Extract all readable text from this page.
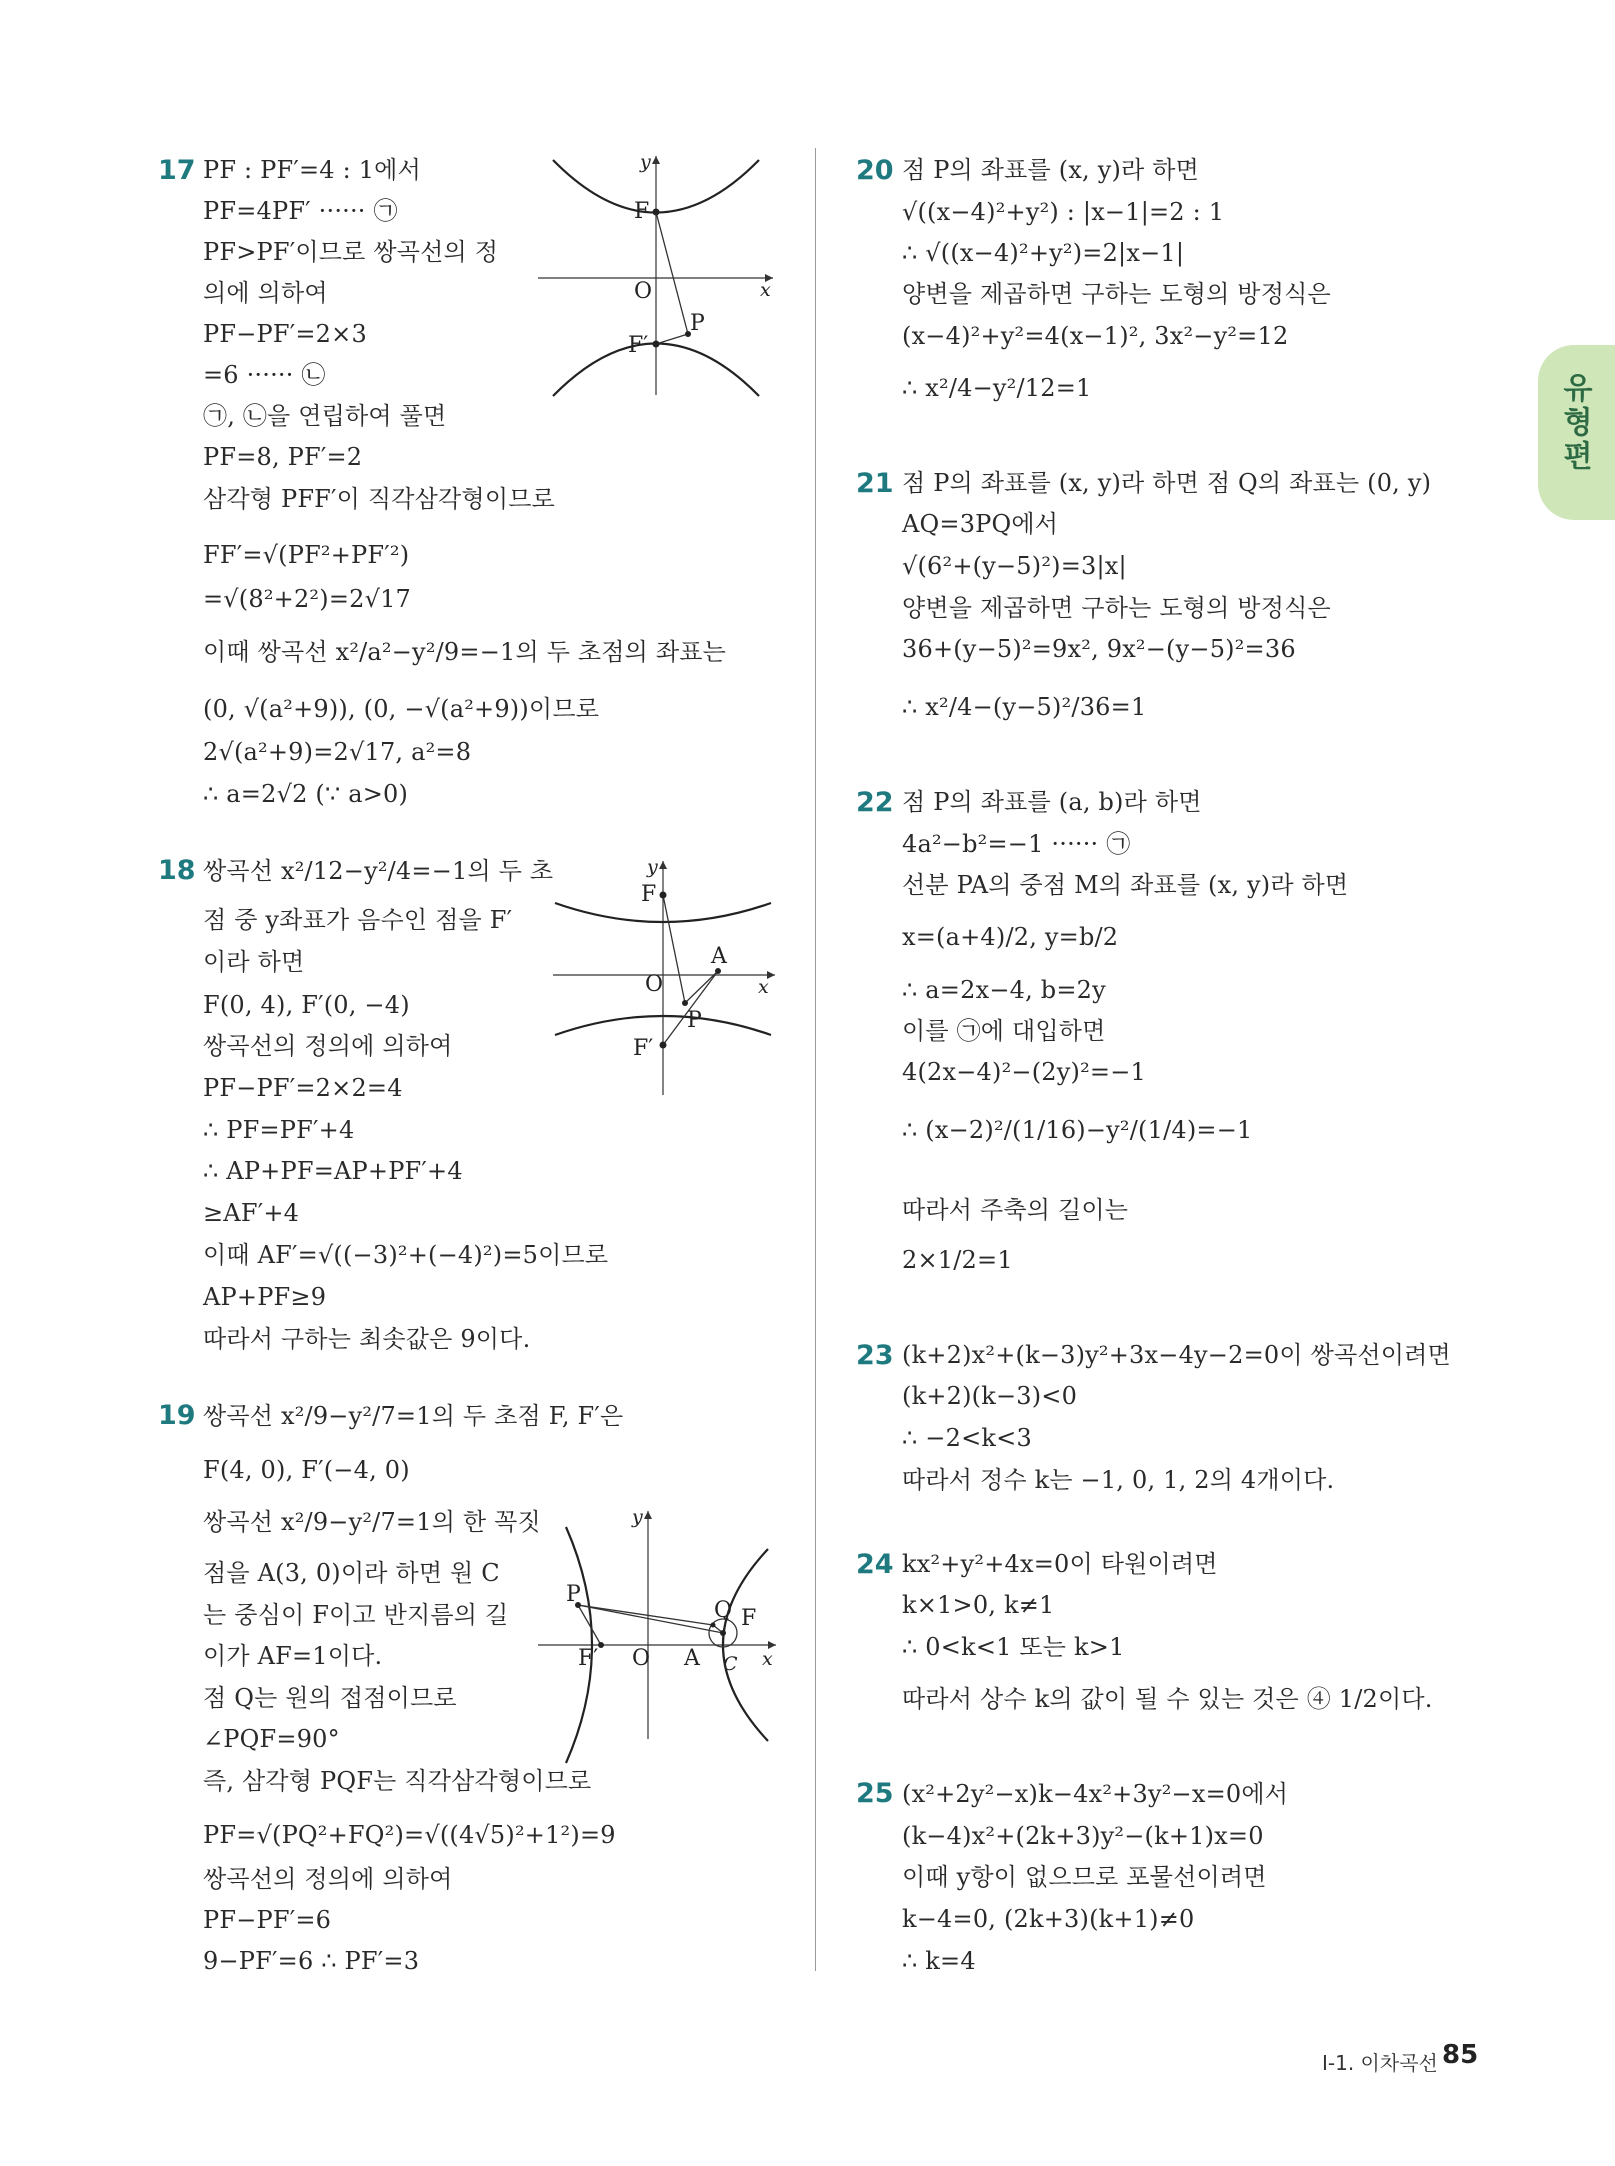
17 PF : PF′=4 : 1에서
PF=4PF′ ······ ㉠
PF>PF′이므로 쌍곡선의 정
의에 의하여
PF−PF′=2×3
=6 ······ ㉡
㉠, ㉡을 연립하여 풀면
PF=8, PF′=2
삼각형 PFF′이 직각삼각형이므로
FF′=√(PF²+PF′²)
=√(8²+2²)=2√17
이때 쌍곡선 x²/a²−y²/9=−1의 두 초점의 좌표는
(0, √(a²+9)), (0, −√(a²+9))이므로
2√(a²+9)=2√17, a²=8
∴ a=2√2 (∵ a>0)
y
x
O
F
F′
P
18 쌍곡선 x²/12−y²/4=−1의 두 초
점 중 y좌표가 음수인 점을 F′
이라 하면
F(0, 4), F′(0, −4)
쌍곡선의 정의에 의하여
PF−PF′=2×2=4
∴ PF=PF′+4
∴ AP+PF=AP+PF′+4
≥AF′+4
이때 AF′=√((−3)²+(−4)²)=5이므로
AP+PF≥9
따라서 구하는 최솟값은 9이다.
y
x
O
F
F′
P
A
19 쌍곡선 x²/9−y²/7=1의 두 초점 F, F′은
F(4, 0), F′(−4, 0)
쌍곡선 x²/9−y²/7=1의 한 꼭짓
점을 A(3, 0)이라 하면 원 C
는 중심이 F이고 반지름의 길
이가 AF=1이다.
점 Q는 원의 접점이므로
∠PQF=90°
즉, 삼각형 PQF는 직각삼각형이므로
PF=√(PQ²+FQ²)=√((4√5)²+1²)=9
쌍곡선의 정의에 의하여
PF−PF′=6
9−PF′=6 ∴ PF′=3
y
x
O
F′
P
A
Q F
C
20 점 P의 좌표를 (x, y)라 하면
√((x−4)²+y²) : |x−1|=2 : 1
∴ √((x−4)²+y²)=2|x−1|
양변을 제곱하면 구하는 도형의 방정식은
(x−4)²+y²=4(x−1)², 3x²−y²=12
∴ x²/4−y²/12=1
21 점 P의 좌표를 (x, y)라 하면 점 Q의 좌표는 (0, y)
AQ=3PQ에서
√(6²+(y−5)²)=3|x|
양변을 제곱하면 구하는 도형의 방정식은
36+(y−5)²=9x², 9x²−(y−5)²=36
∴ x²/4−(y−5)²/36=1
22 점 P의 좌표를 (a, b)라 하면
4a²−b²=−1 ······ ㉠
선분 PA의 중점 M의 좌표를 (x, y)라 하면
x=(a+4)/2, y=b/2
∴ a=2x−4, b=2y
이를 ㉠에 대입하면
4(2x−4)²−(2y)²=−1
∴ (x−2)²/(1/16)−y²/(1/4)=−1
따라서 주축의 길이는
2×1/2=1
23 (k+2)x²+(k−3)y²+3x−4y−2=0이 쌍곡선이려면
(k+2)(k−3)<0
∴ −2<k<3
따라서 정수 k는 −1, 0, 1, 2의 4개이다.
24 kx²+y²+4x=0이 타원이려면
k×1>0, k≠1
∴ 0<k<1 또는 k>1
따라서 상수 k의 값이 될 수 있는 것은 ④ 1/2이다.
25 (x²+2y²−x)k−4x²+3y²−x=0에서
(k−4)x²+(2k+3)y²−(k+1)x=0
이때 y항이 없으므로 포물선이려면
k−4=0, (2k+3)(k+1)≠0
∴ k=4
유형편
Ⅰ-1. 이차곡선 85
